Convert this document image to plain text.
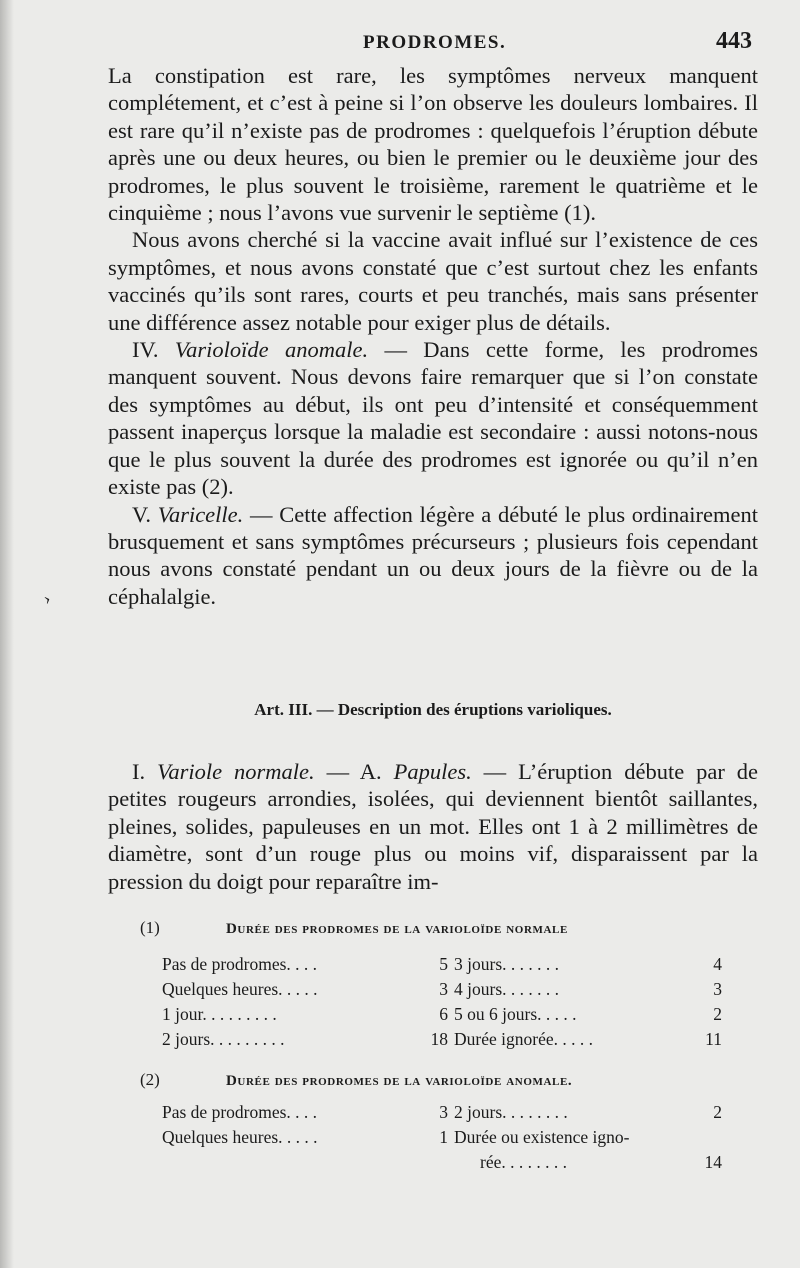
PRODROMES.	443

La constipation est rare, les symptômes nerveux manquent complétement, et c’est à peine si l’on observe les douleurs lombaires. Il est rare qu’il n’existe pas de prodromes : quelquefois l’éruption débute après une ou deux heures, ou bien le premier ou le deuxième jour des prodromes, le plus souvent le troisième, rarement le quatrième et le cinquième ; nous l’avons vue survenir le septième (1).

Nous avons cherché si la vaccine avait influé sur l’existence de ces symptômes, et nous avons constaté que c’est surtout chez les enfants vaccinés qu’ils sont rares, courts et peu tranchés, mais sans présenter une différence assez notable pour exiger plus de détails.

IV. Varioloïde anomale. — Dans cette forme, les prodromes manquent souvent. Nous devons faire remarquer que si l’on constate des symptômes au début, ils ont peu d’intensité et conséquemment passent inaperçus lorsque la maladie est secondaire : aussi notons-nous que le plus souvent la durée des prodromes est ignorée ou qu’il n’en existe pas (2).

V. Varicelle. — Cette affection légère a débuté le plus ordinairement brusquement et sans symptômes précurseurs ; plusieurs fois cependant nous avons constaté pendant un ou deux jours de la fièvre ou de la céphalalgie.

›
Art. III. — Description des éruptions varioliques.

I. Variole normale. — A. Papules. — L’éruption débute par de petites rougeurs arrondies, isolées, qui deviennent bientôt saillantes, pleines, solides, papuleuses en un mot. Elles ont 1 à 2 millimètres de diamètre, sont d’un rouge plus ou moins vif, disparaissent par la pression du doigt pour reparaître im-

(1)	Durée des prodromes de la varioloïde normale
Pas de prodromes. . . .	5 3 jours. . . . . . .	4
Quelques heures. . . . .	3 4 jours. . . . . . .	3
1 jour. . . . . . . . .	6 5 ou 6 jours. . . . .	2
2 jours. . . . . . . . .	18 Durée ignorée. . . . .	11
(2)	Durée des prodromes de la varioloïde anomale.
Pas de prodromes. . . .	3 2 jours. . . . . . . .	2
Quelques heures. . . . .	1 Durée ou existence igno-
rée. . . . . . . .	14
